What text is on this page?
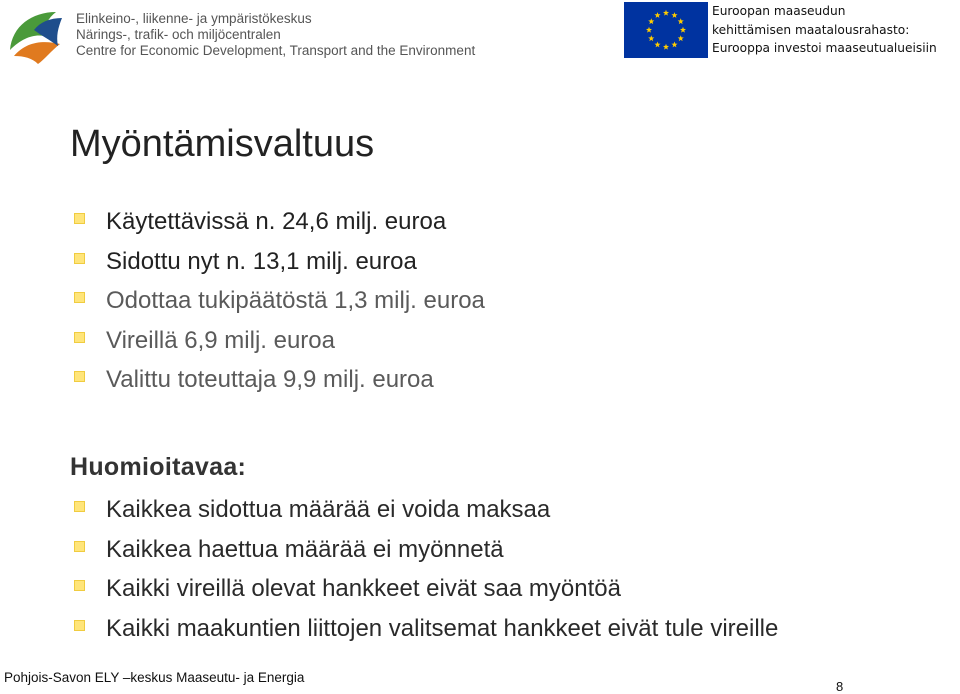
Elinkeino-, liikenne- ja ympäristökeskus
Närings-, trafik- och miljöcentralen
Centre for Economic Development, Transport and the Environment
Euroopan maaseudun
kehittämisen maatalousrahasto:
Eurooppa investoi maaseutualueisiin
Myöntämisvaltuus
Käytettävissä n. 24,6 milj. euroa
Sidottu nyt n. 13,1 milj. euroa
Odottaa tukipäätöstä 1,3 milj. euroa
Vireillä 6,9 milj. euroa
Valittu toteuttaja 9,9 milj. euroa
Huomioitavaa:
Kaikkea sidottua määrää ei voida maksaa
Kaikkea haettua määrää ei myönnetä
Kaikki vireillä olevat hankkeet eivät saa myöntöä
Kaikki maakuntien liittojen valitsemat hankkeet eivät tule vireille
Pohjois-Savon ELY –keskus Maaseutu- ja Energia
8
